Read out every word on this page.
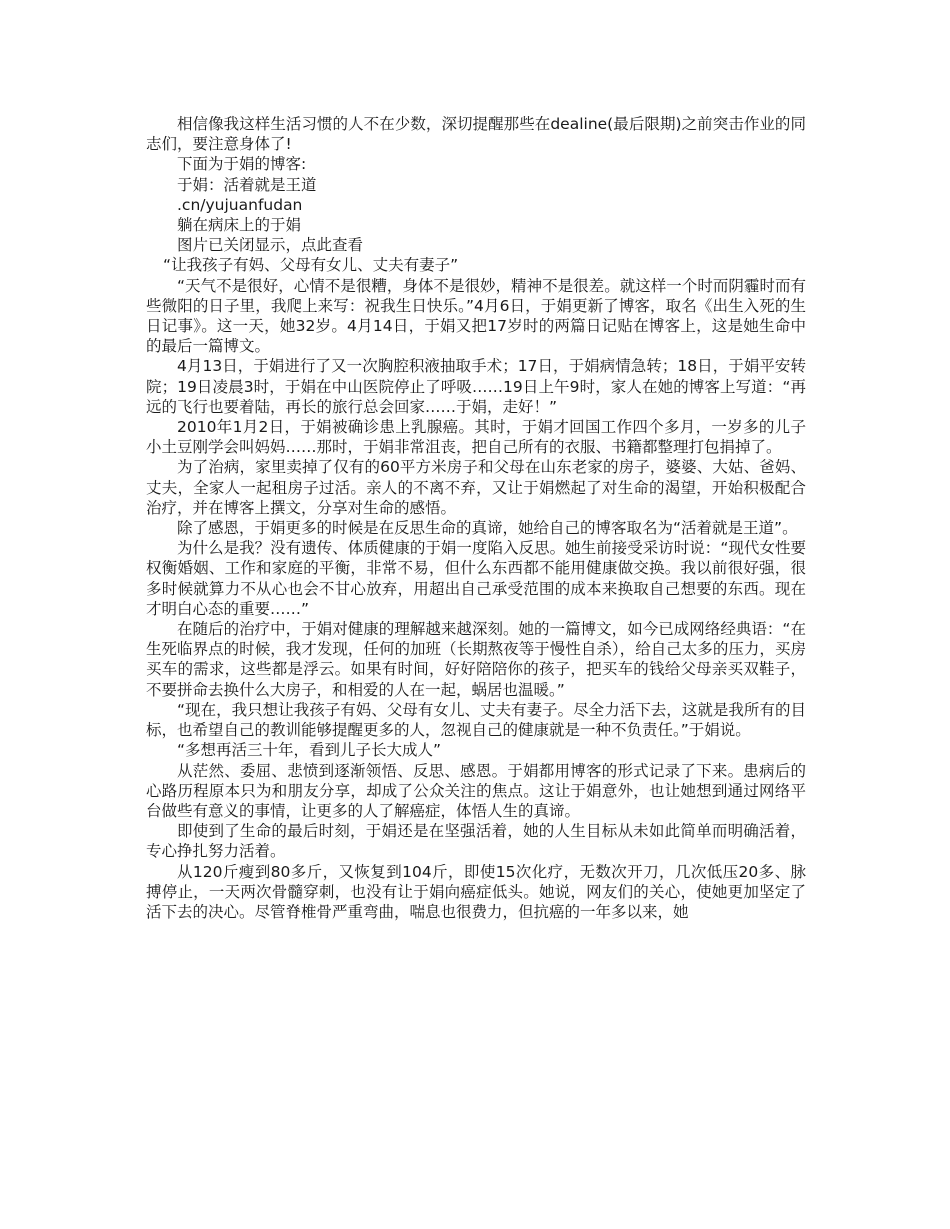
相信像我这样生活习惯的人不在少数，深切提醒那些在dealine(最后限期)之前突击作业的同志们，要注意身体了!

下面为于娟的博客:

于娟：活着就是王道

.cn/yujuanfudan

躺在病床上的于娟

图片已关闭显示，点此查看

“让我孩子有妈、父母有女儿、丈夫有妻子”

“天气不是很好，心情不是很糟，身体不是很妙，精神不是很差。就这样一个时而阴霾时而有些微阳的日子里，我爬上来写：祝我生日快乐。”4月6日，于娟更新了博客，取名《出生入死的生日记事》。这一天，她32岁。4月14日，于娟又把17岁时的两篇日记贴在博客上，这是她生命中的最后一篇博文。

4月13日，于娟进行了又一次胸腔积液抽取手术；17日，于娟病情急转；18日，于娟平安转院；19日凌晨3时，于娟在中山医院停止了呼吸……19日上午9时，家人在她的博客上写道：“再远的飞行也要着陆，再长的旅行总会回家……于娟，走好！”

2010年1月2日，于娟被确诊患上乳腺癌。其时，于娟才回国工作四个多月，一岁多的儿子小土豆刚学会叫妈妈……那时，于娟非常沮丧，把自己所有的衣服、书籍都整理打包捐掉了。

为了治病，家里卖掉了仅有的60平方米房子和父母在山东老家的房子，婆婆、大姑、爸妈、丈夫，全家人一起租房子过活。亲人的不离不弃，又让于娟燃起了对生命的渴望，开始积极配合治疗，并在博客上撰文，分享对生命的感悟。

除了感恩，于娟更多的时候是在反思生命的真谛，她给自己的博客取名为“活着就是王道”。

为什么是我？没有遗传、体质健康的于娟一度陷入反思。她生前接受采访时说：“现代女性要权衡婚姻、工作和家庭的平衡，非常不易，但什么东西都不能用健康做交换。我以前很好强，很多时候就算力不从心也会不甘心放弃，用超出自己承受范围的成本来换取自己想要的东西。现在才明白心态的重要……”

在随后的治疗中，于娟对健康的理解越来越深刻。她的一篇博文，如今已成网络经典语：“在生死临界点的时候，我才发现，任何的加班（长期熬夜等于慢性自杀），给自己太多的压力，买房买车的需求，这些都是浮云。如果有时间，好好陪陪你的孩子，把买车的钱给父母亲买双鞋子，不要拼命去换什么大房子，和相爱的人在一起，蜗居也温暖。”

“现在，我只想让我孩子有妈、父母有女儿、丈夫有妻子。尽全力活下去，这就是我所有的目标，也希望自己的教训能够提醒更多的人，忽视自己的健康就是一种不负责任。”于娟说。

“多想再活三十年，看到儿子长大成人”

从茫然、委屈、悲愤到逐渐领悟、反思、感恩。于娟都用博客的形式记录了下来。患病后的心路历程原本只为和朋友分享，却成了公众关注的焦点。这让于娟意外，也让她想到通过网络平台做些有意义的事情，让更多的人了解癌症，体悟人生的真谛。

即使到了生命的最后时刻，于娟还是在坚强活着，她的人生目标从未如此简单而明确活着，专心挣扎努力活着。

从120斤瘦到80多斤，又恢复到104斤，即使15次化疗，无数次开刀，几次低压20多、脉搏停止，一天两次骨髓穿刺，也没有让于娟向癌症低头。她说，网友们的关心，使她更加坚定了活下去的决心。尽管脊椎骨严重弯曲，喘息也很费力，但抗癌的一年多以来，她
